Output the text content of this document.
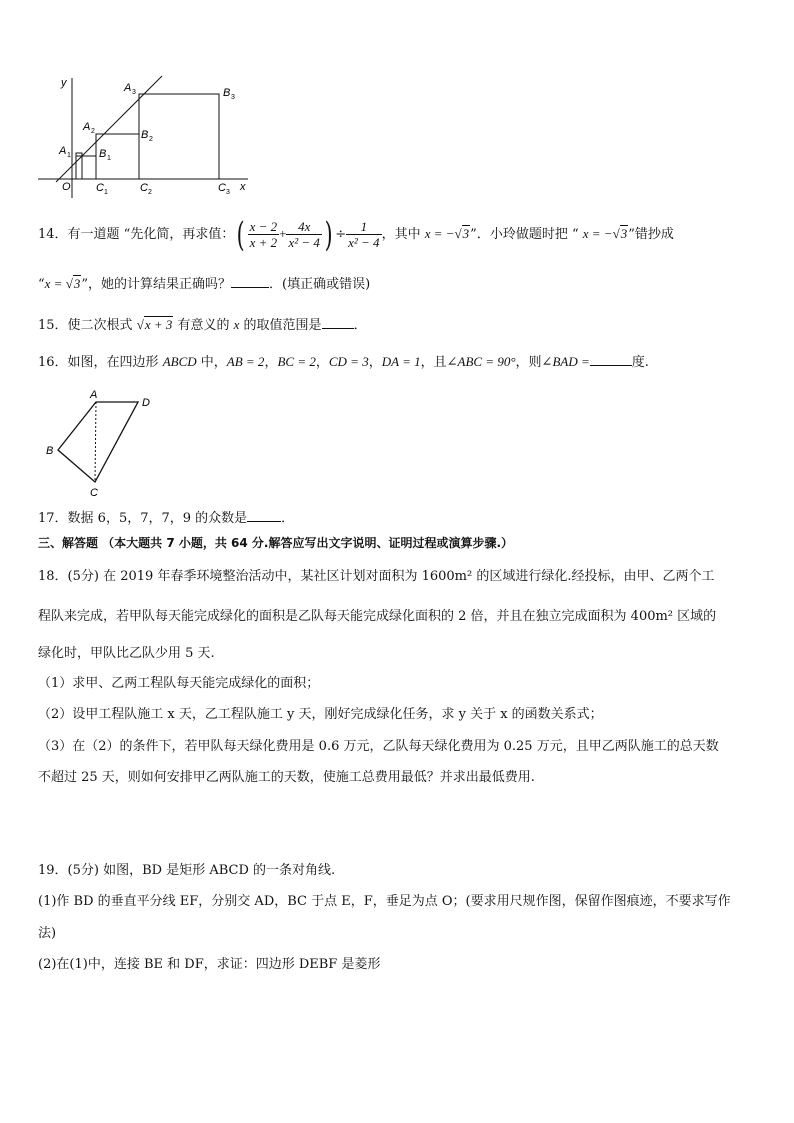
y
x
O
A 1
A 2
A 3
B 1
B 2
B 3
C 1	C 2	C 3
14．有一道题 “先化简，再求值：( $\frac{x - 2}{x + 2} + \frac{4x}{\text{x² − 4}}$ ) ÷ $\frac{1}{\text{x² − 4}}$ ，其中 x = −√3”．小玲做题时把 “ x = −√3”错抄成
“x = √3”，她的计算结果正确吗？	．(填正确或错误)
15．使二次根式 √x + 3 有意义的 x 的取值范围是 ．
16．如图，在四边形 ABCD 中，AB = 2，BC = 2，CD = 3，DA = 1，且∠ABC = 90°，则∠BAD =	度.
A
D
B
C
17．数据 6，5，7，7，9 的众数是	．
三、解答题 （本大题共 7 小题，共 64 分.解答应写出文字说明、证明过程或演算步骤.）
18．(5分) 在 2019 年春季环境整治活动中，某社区计划对面积为 1600m² 的区域进行绿化.经投标，由甲、乙两个工
程队来完成，若甲队每天能完成绿化的面积是乙队每天能完成绿化面积的 2 倍，并且在独立完成面积为 400m² 区域的
绿化时，甲队比乙队少用 5 天.
（1）求甲、乙两工程队每天能完成绿化的面积；
（2）设甲工程队施工 x 天，乙工程队施工 y 天，刚好完成绿化任务，求 y 关于 x 的函数关系式；
（3）在（2）的条件下，若甲队每天绿化费用是 0.6 万元，乙队每天绿化费用为 0.25 万元，且甲乙两队施工的总天数
不超过 25 天，则如何安排甲乙两队施工的天数，使施工总费用最低？并求出最低费用.
19．(5分) 如图，BD 是矩形 ABCD 的一条对角线.
(1)作 BD 的垂直平分线 EF，分别交 AD，BC 于点 E，F，垂足为点 O；(要求用尺规作图，保留作图痕迹，不要求写作
法)
(2)在(1)中，连接 BE 和 DF，求证：四边形 DEBF 是菱形
